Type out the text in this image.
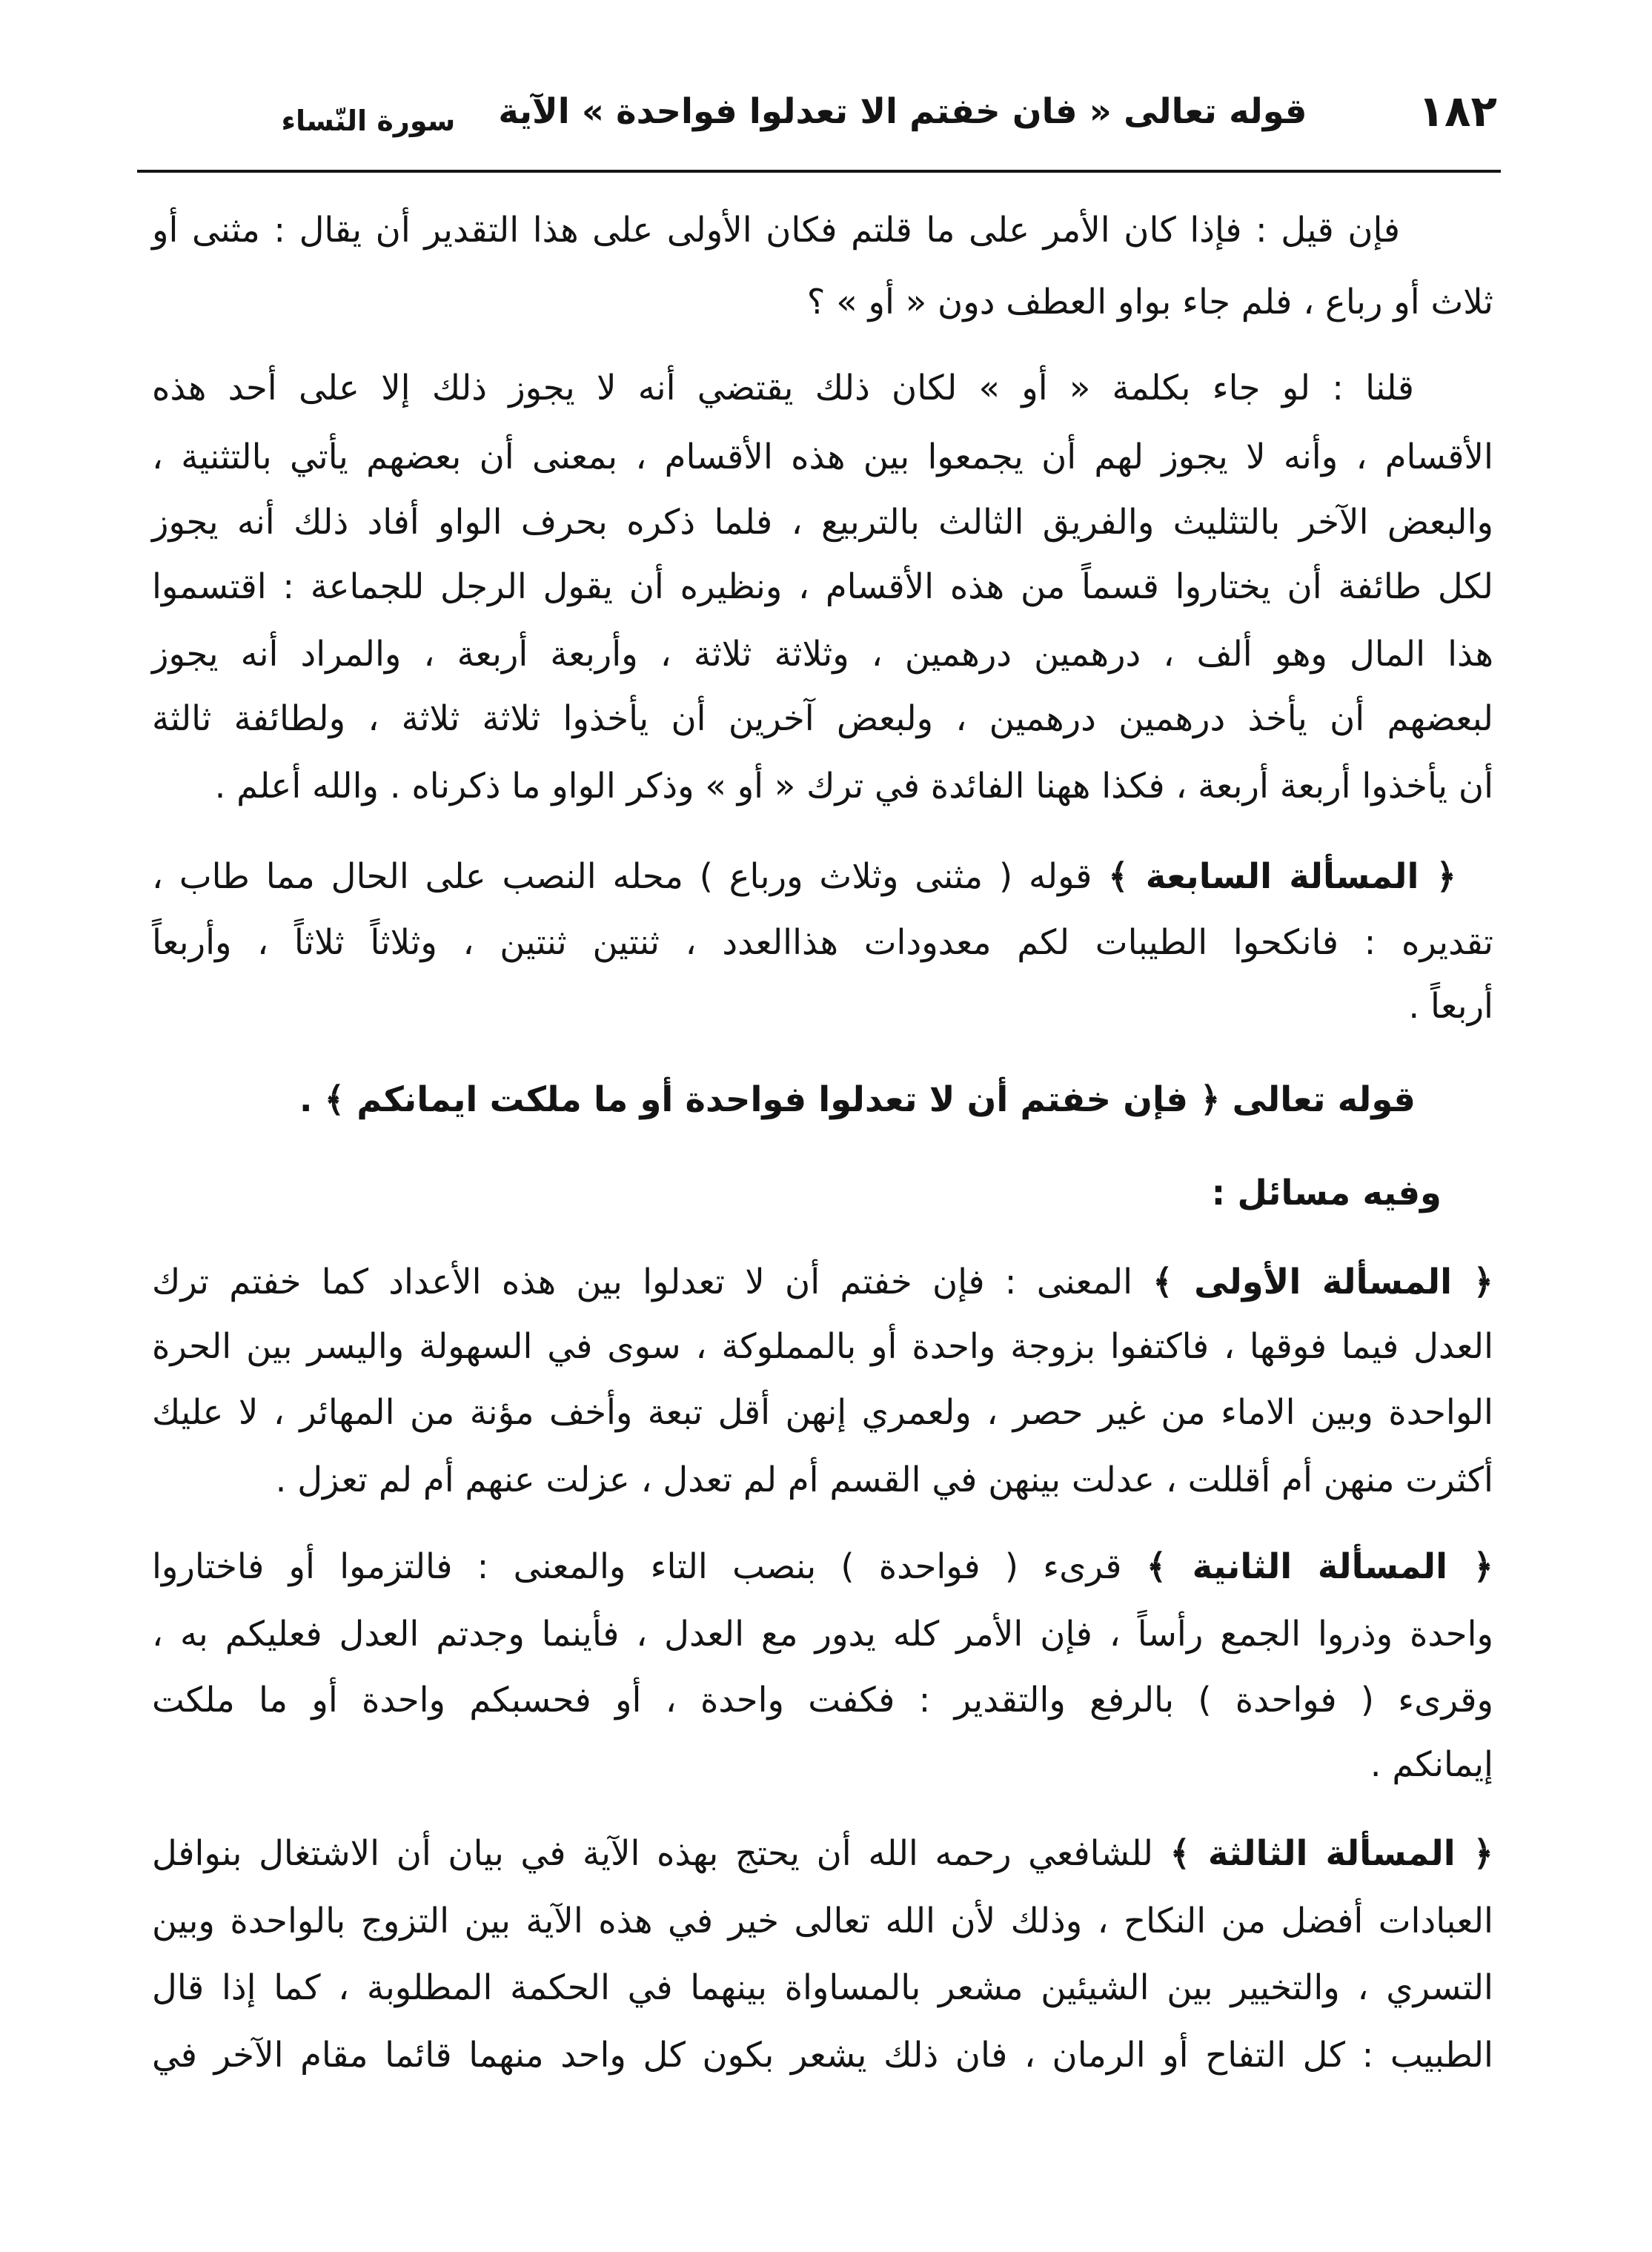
١٨٢
قوله تعالى « فان خفتم الا تعدلوا فواحدة » الآية
سورة النّساء
فإن قيل : فإذا كان الأمر على ما قلتم فكان الأولى على هذا التقدير أن يقال : مثنى أو
ثلاث أو رباع ، فلم جاء بواو العطف دون « أو » ؟
قلنا : لو جاء بكلمة « أو » لكان ذلك يقتضي أنه لا يجوز ذلك إلا على أحد هذه
الأقسام ، وأنه لا يجوز لهم أن يجمعوا بين هذه الأقسام ، بمعنى أن بعضهم يأتي بالتثنية ،
والبعض الآخر بالتثليث والفريق الثالث بالتربيع ، فلما ذكره بحرف الواو أفاد ذلك أنه يجوز
لكل طائفة أن يختاروا قسماً من هذه الأقسام ، ونظيره أن يقول الرجل للجماعة : اقتسموا
هذا المال وهو ألف ، درهمين درهمين ، وثلاثة ثلاثة ، وأربعة أربعة ، والمراد أنه يجوز
لبعضهم أن يأخذ درهمين درهمين ، ولبعض آخرين أن يأخذوا ثلاثة ثلاثة ، ولطائفة ثالثة
أن يأخذوا أربعة أربعة ، فكذا ههنا الفائدة في ترك « أو » وذكر الواو ما ذكرناه . والله أعلم .
﴿ المسألة السابعة ﴾ قوله ( مثنى وثلاث ورباع ) محله النصب على الحال مما طاب ،
تقديره : فانكحوا الطيبات لكم معدودات هذاالعدد ، ثنتين ثنتين ، وثلاثاً ثلاثاً ، وأربعاً
أربعاً .
قوله تعالى ﴿ فإن خفتم أن لا تعدلوا فواحدة أو ما ملكت ايمانكم ﴾ .
وفيه مسائل :
﴿ المسألة الأولى ﴾ المعنى : فإن خفتم أن لا تعدلوا بين هذه الأعداد كما خفتم ترك
العدل فيما فوقها ، فاكتفوا بزوجة واحدة أو بالمملوكة ، سوى في السهولة واليسر بين الحرة
الواحدة وبين الاماء من غير حصر ، ولعمري إنهن أقل تبعة وأخف مؤنة من المهائر ، لا عليك
أكثرت منهن أم أقللت ، عدلت بينهن في القسم أم لم تعدل ، عزلت عنهم أم لم تعزل .
﴿ المسألة الثانية ﴾ قرىء ( فواحدة ) بنصب التاء والمعنى : فالتزموا أو فاختاروا
واحدة وذروا الجمع رأساً ، فإن الأمر كله يدور مع العدل ، فأينما وجدتم العدل فعليكم به ،
وقرىء ( فواحدة ) بالرفع والتقدير : فكفت واحدة ، أو فحسبكم واحدة أو ما ملكت
إيمانكم .
﴿ المسألة الثالثة ﴾ للشافعي رحمه الله أن يحتج بهذه الآية في بيان أن الاشتغال بنوافل
العبادات أفضل من النكاح ، وذلك لأن الله تعالى خير في هذه الآية بين التزوج بالواحدة وبين
التسري ، والتخيير بين الشيئين مشعر بالمساواة بينهما في الحكمة المطلوبة ، كما إذا قال
الطبيب : كل التفاح أو الرمان ، فان ذلك يشعر بكون كل واحد منهما قائما مقام الآخر في
